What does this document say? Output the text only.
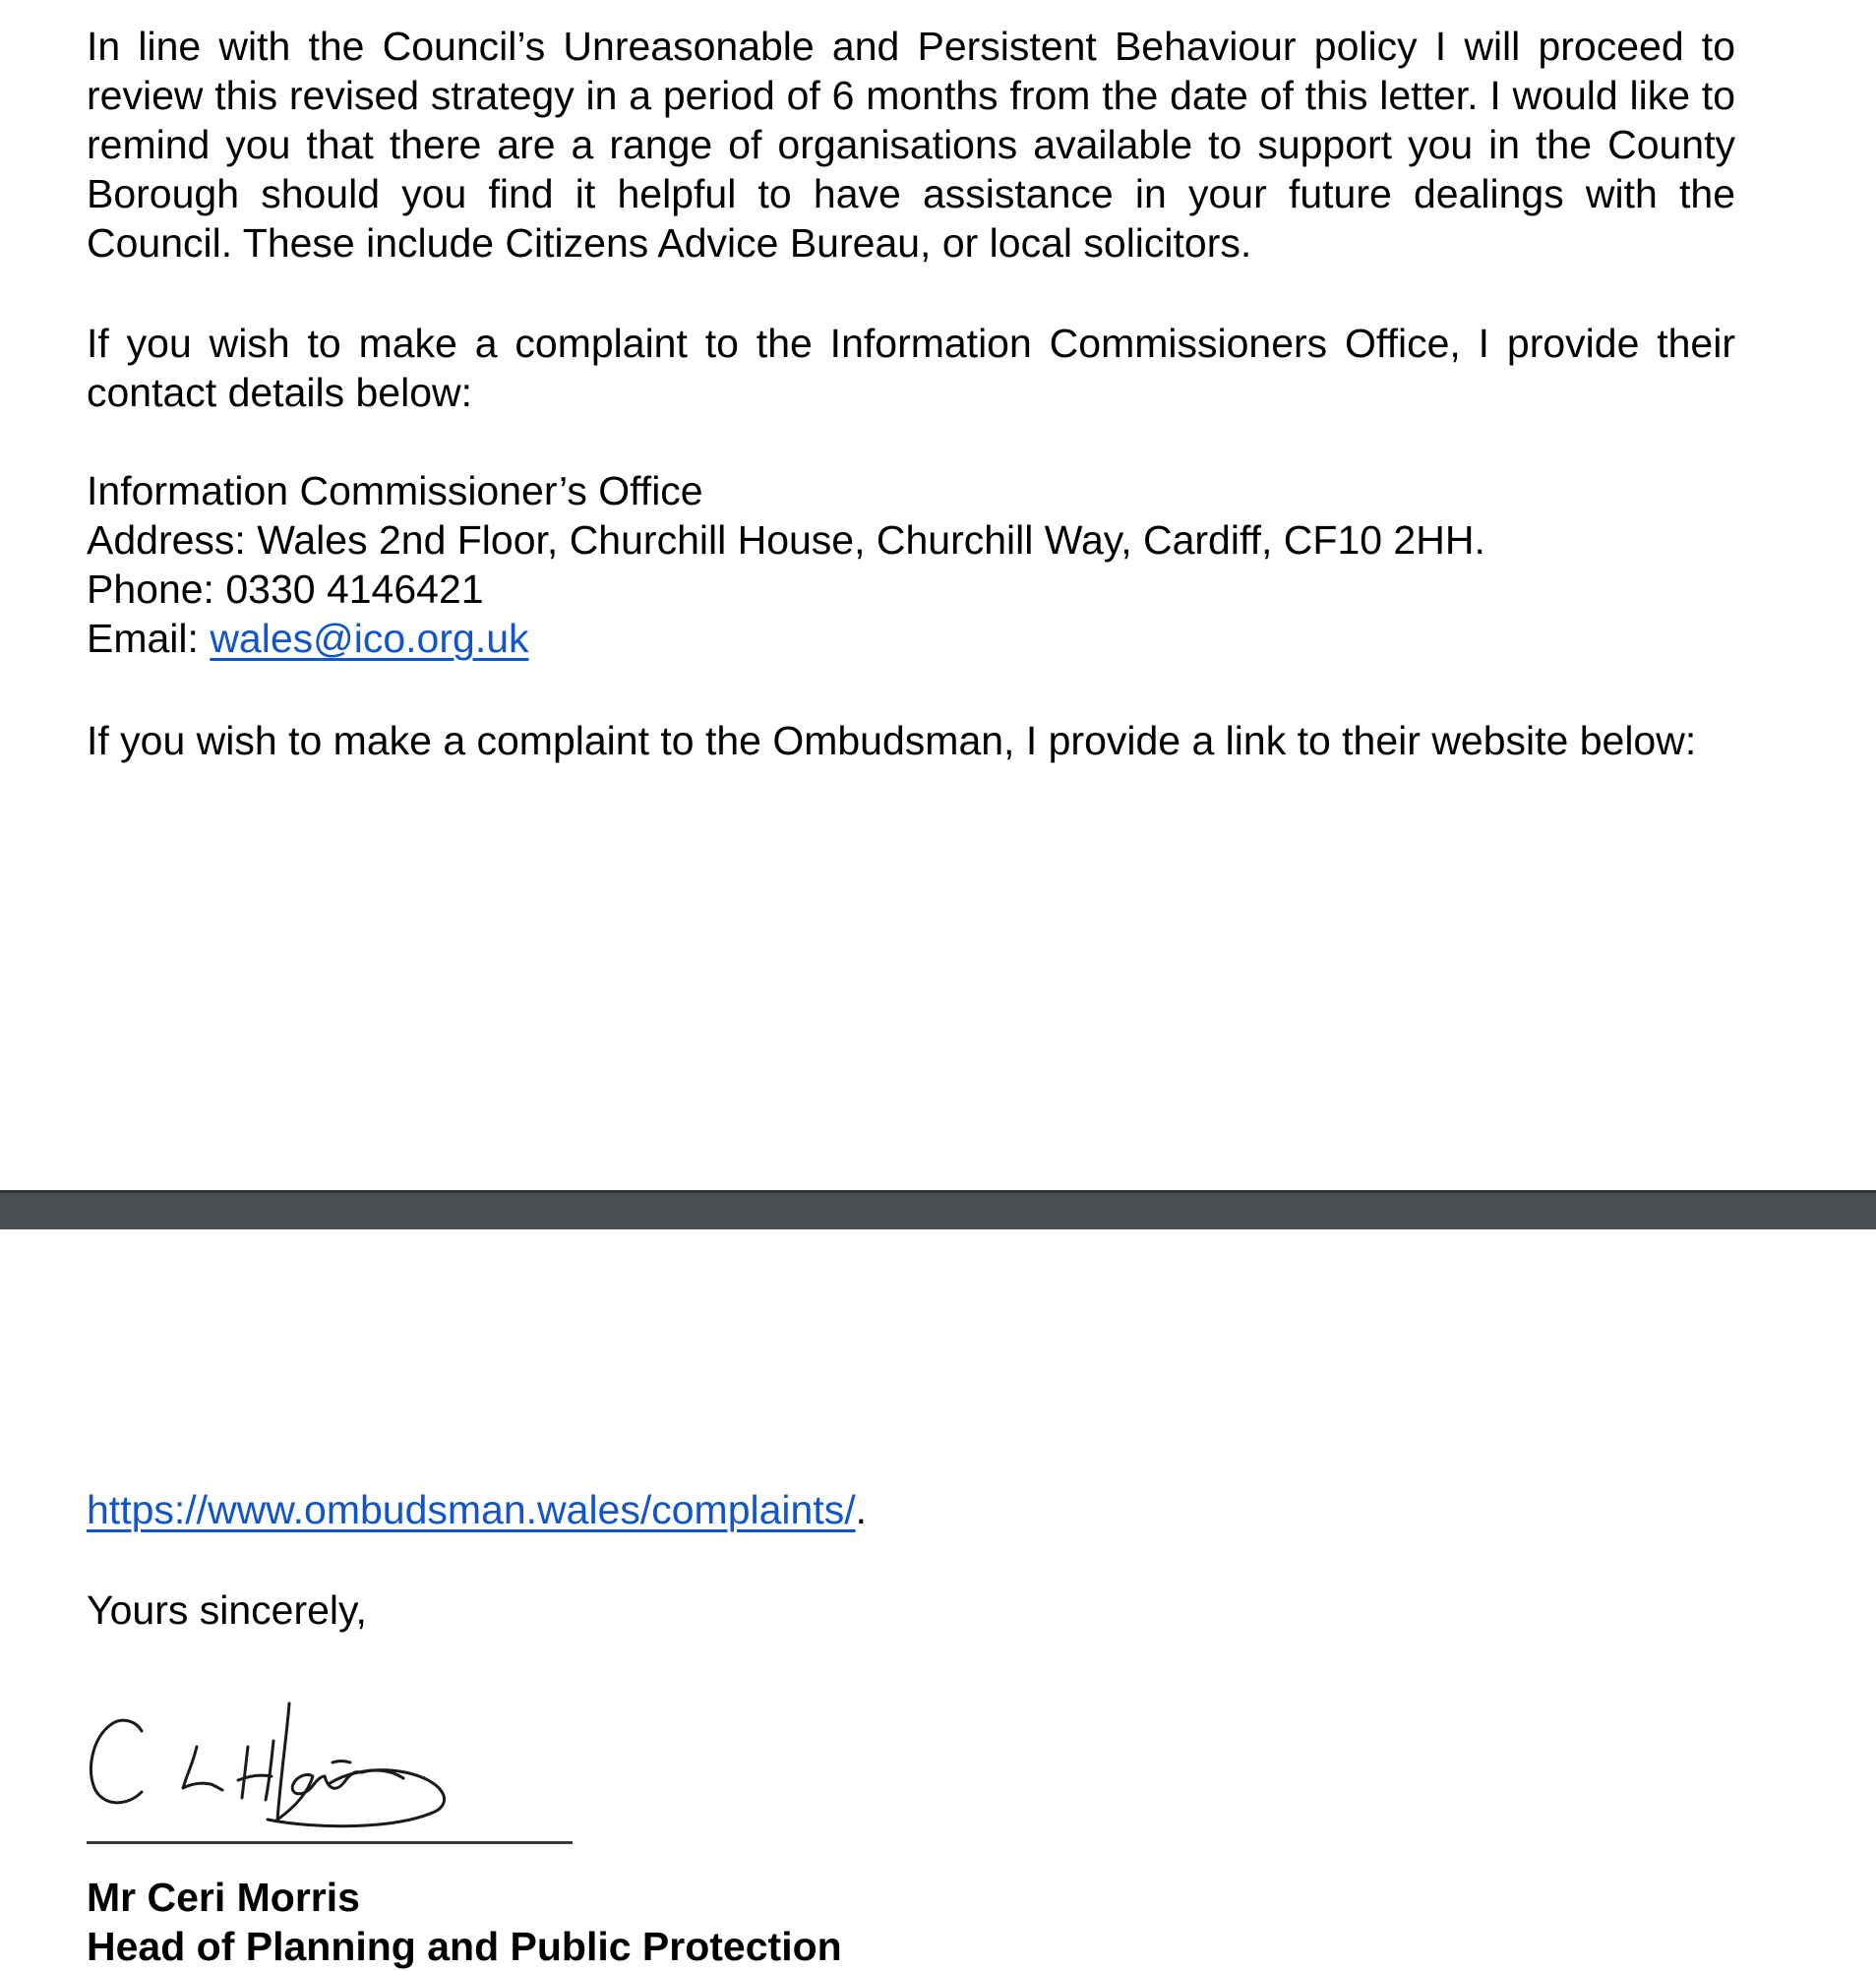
In line with the Council’s Unreasonable and Persistent Behaviour policy I will proceed to review this revised strategy in a period of 6 months from the date of this letter. I would like to remind you that there are a range of organisations available to support you in the County Borough should you find it helpful to have assistance in your future dealings with the Council. These include Citizens Advice Bureau, or local solicitors.

If you wish to make a complaint to the Information Commissioners Office, I provide their contact details below:

Information Commissioner’s Office
Address: Wales 2nd Floor, Churchill House, Churchill Way, Cardiff, CF10 2HH.
Phone: 0330 4146421
Email: wales@ico.org.uk

If you wish to make a complaint to the Ombudsman, I provide a link to their website below:

https://www.ombudsman.wales/complaints/.
Yours sincerely,
Mr Ceri Morris
Head of Planning and Public Protection
